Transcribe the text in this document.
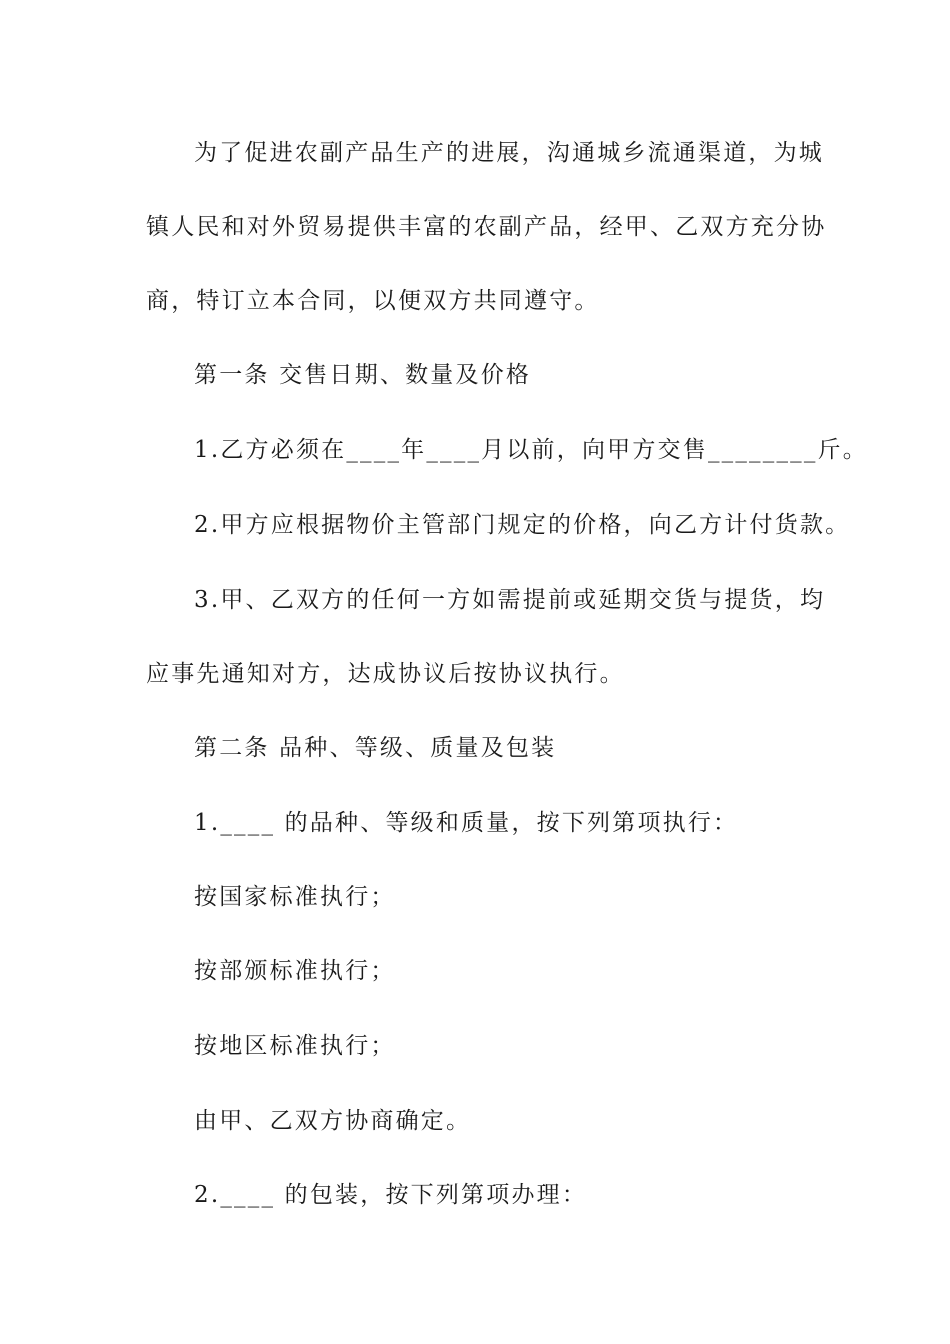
为了促进农副产品生产的进展，沟通城乡流通渠道，为城
镇人民和对外贸易提供丰富的农副产品，经甲、乙双方充分协
商，特订立本合同，以便双方共同遵守。
第一条 交售日期、数量及价格
1.乙方必须在____年____月以前，向甲方交售________斤。
2.甲方应根据物价主管部门规定的价格，向乙方计付货款。
3.甲、乙双方的任何一方如需提前或延期交货与提货，均
应事先通知对方，达成协议后按协议执行。
第二条 品种、等级、质量及包装
1.____ 的品种、等级和质量，按下列第项执行：
按国家标准执行；
按部颁标准执行；
按地区标准执行；
由甲、乙双方协商确定。
2.____ 的包装，按下列第项办理：
